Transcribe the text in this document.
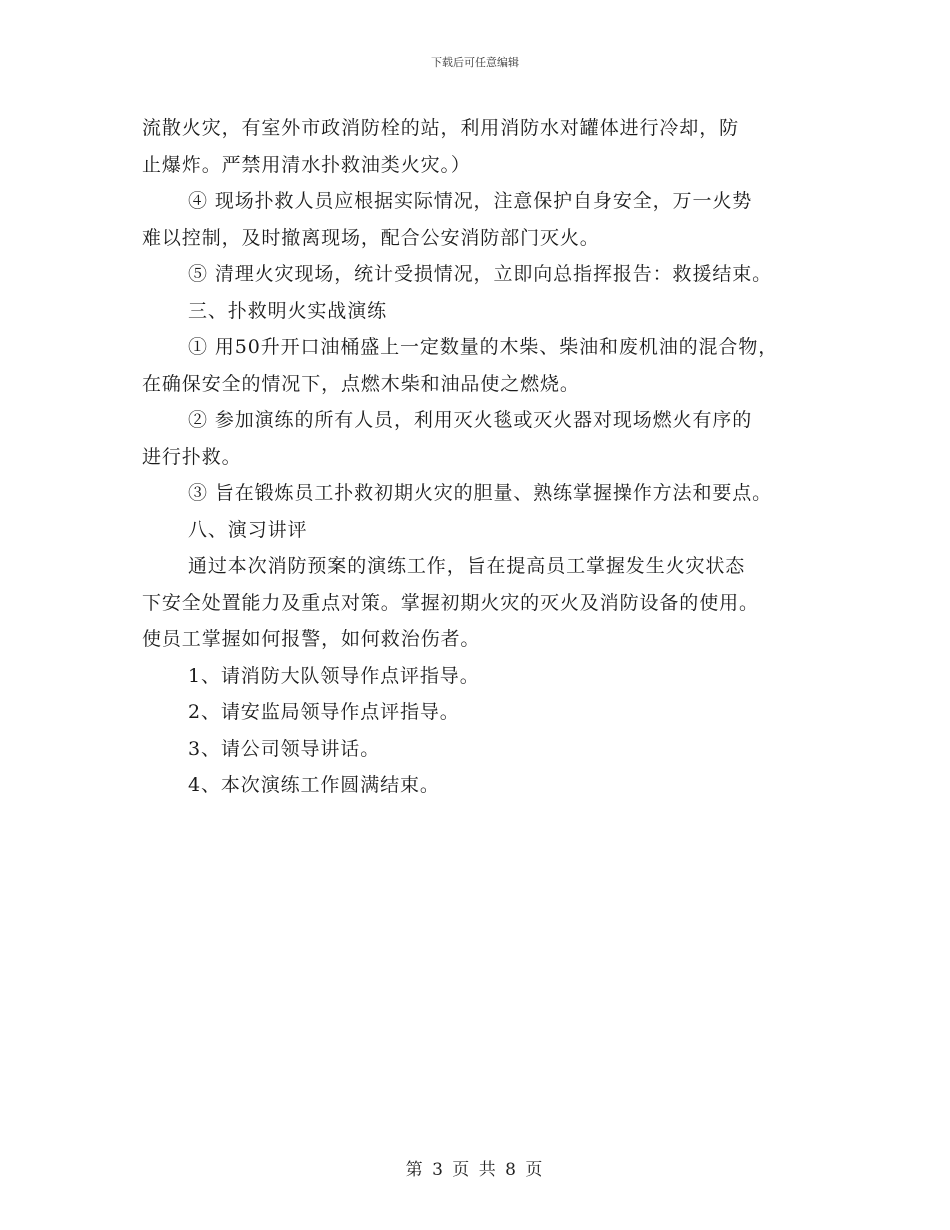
下载后可任意编辑
流散火灾，有室外市政消防栓的站，利用消防水对罐体进行冷却，防
止爆炸。严禁用清水扑救油类火灾。）
④ 现场扑救人员应根据实际情况，注意保护自身安全，万一火势
难以控制，及时撤离现场，配合公安消防部门灭火。
⑤ 清理火灾现场，统计受损情况，立即向总指挥报告：救援结束。
三、扑救明火实战演练
① 用50升开口油桶盛上一定数量的木柴、柴油和废机油的混合物，
在确保安全的情况下，点燃木柴和油品使之燃烧。
② 参加演练的所有人员，利用灭火毯或灭火器对现场燃火有序的
进行扑救。
③ 旨在锻炼员工扑救初期火灾的胆量、熟练掌握操作方法和要点。
八、演习讲评
通过本次消防预案的演练工作，旨在提高员工掌握发生火灾状态
下安全处置能力及重点对策。掌握初期火灾的灭火及消防设备的使用。
使员工掌握如何报警，如何救治伤者。
1、请消防大队领导作点评指导。
2、请安监局领导作点评指导。
3、请公司领导讲话。
4、本次演练工作圆满结束。
第 3 页 共 8 页
